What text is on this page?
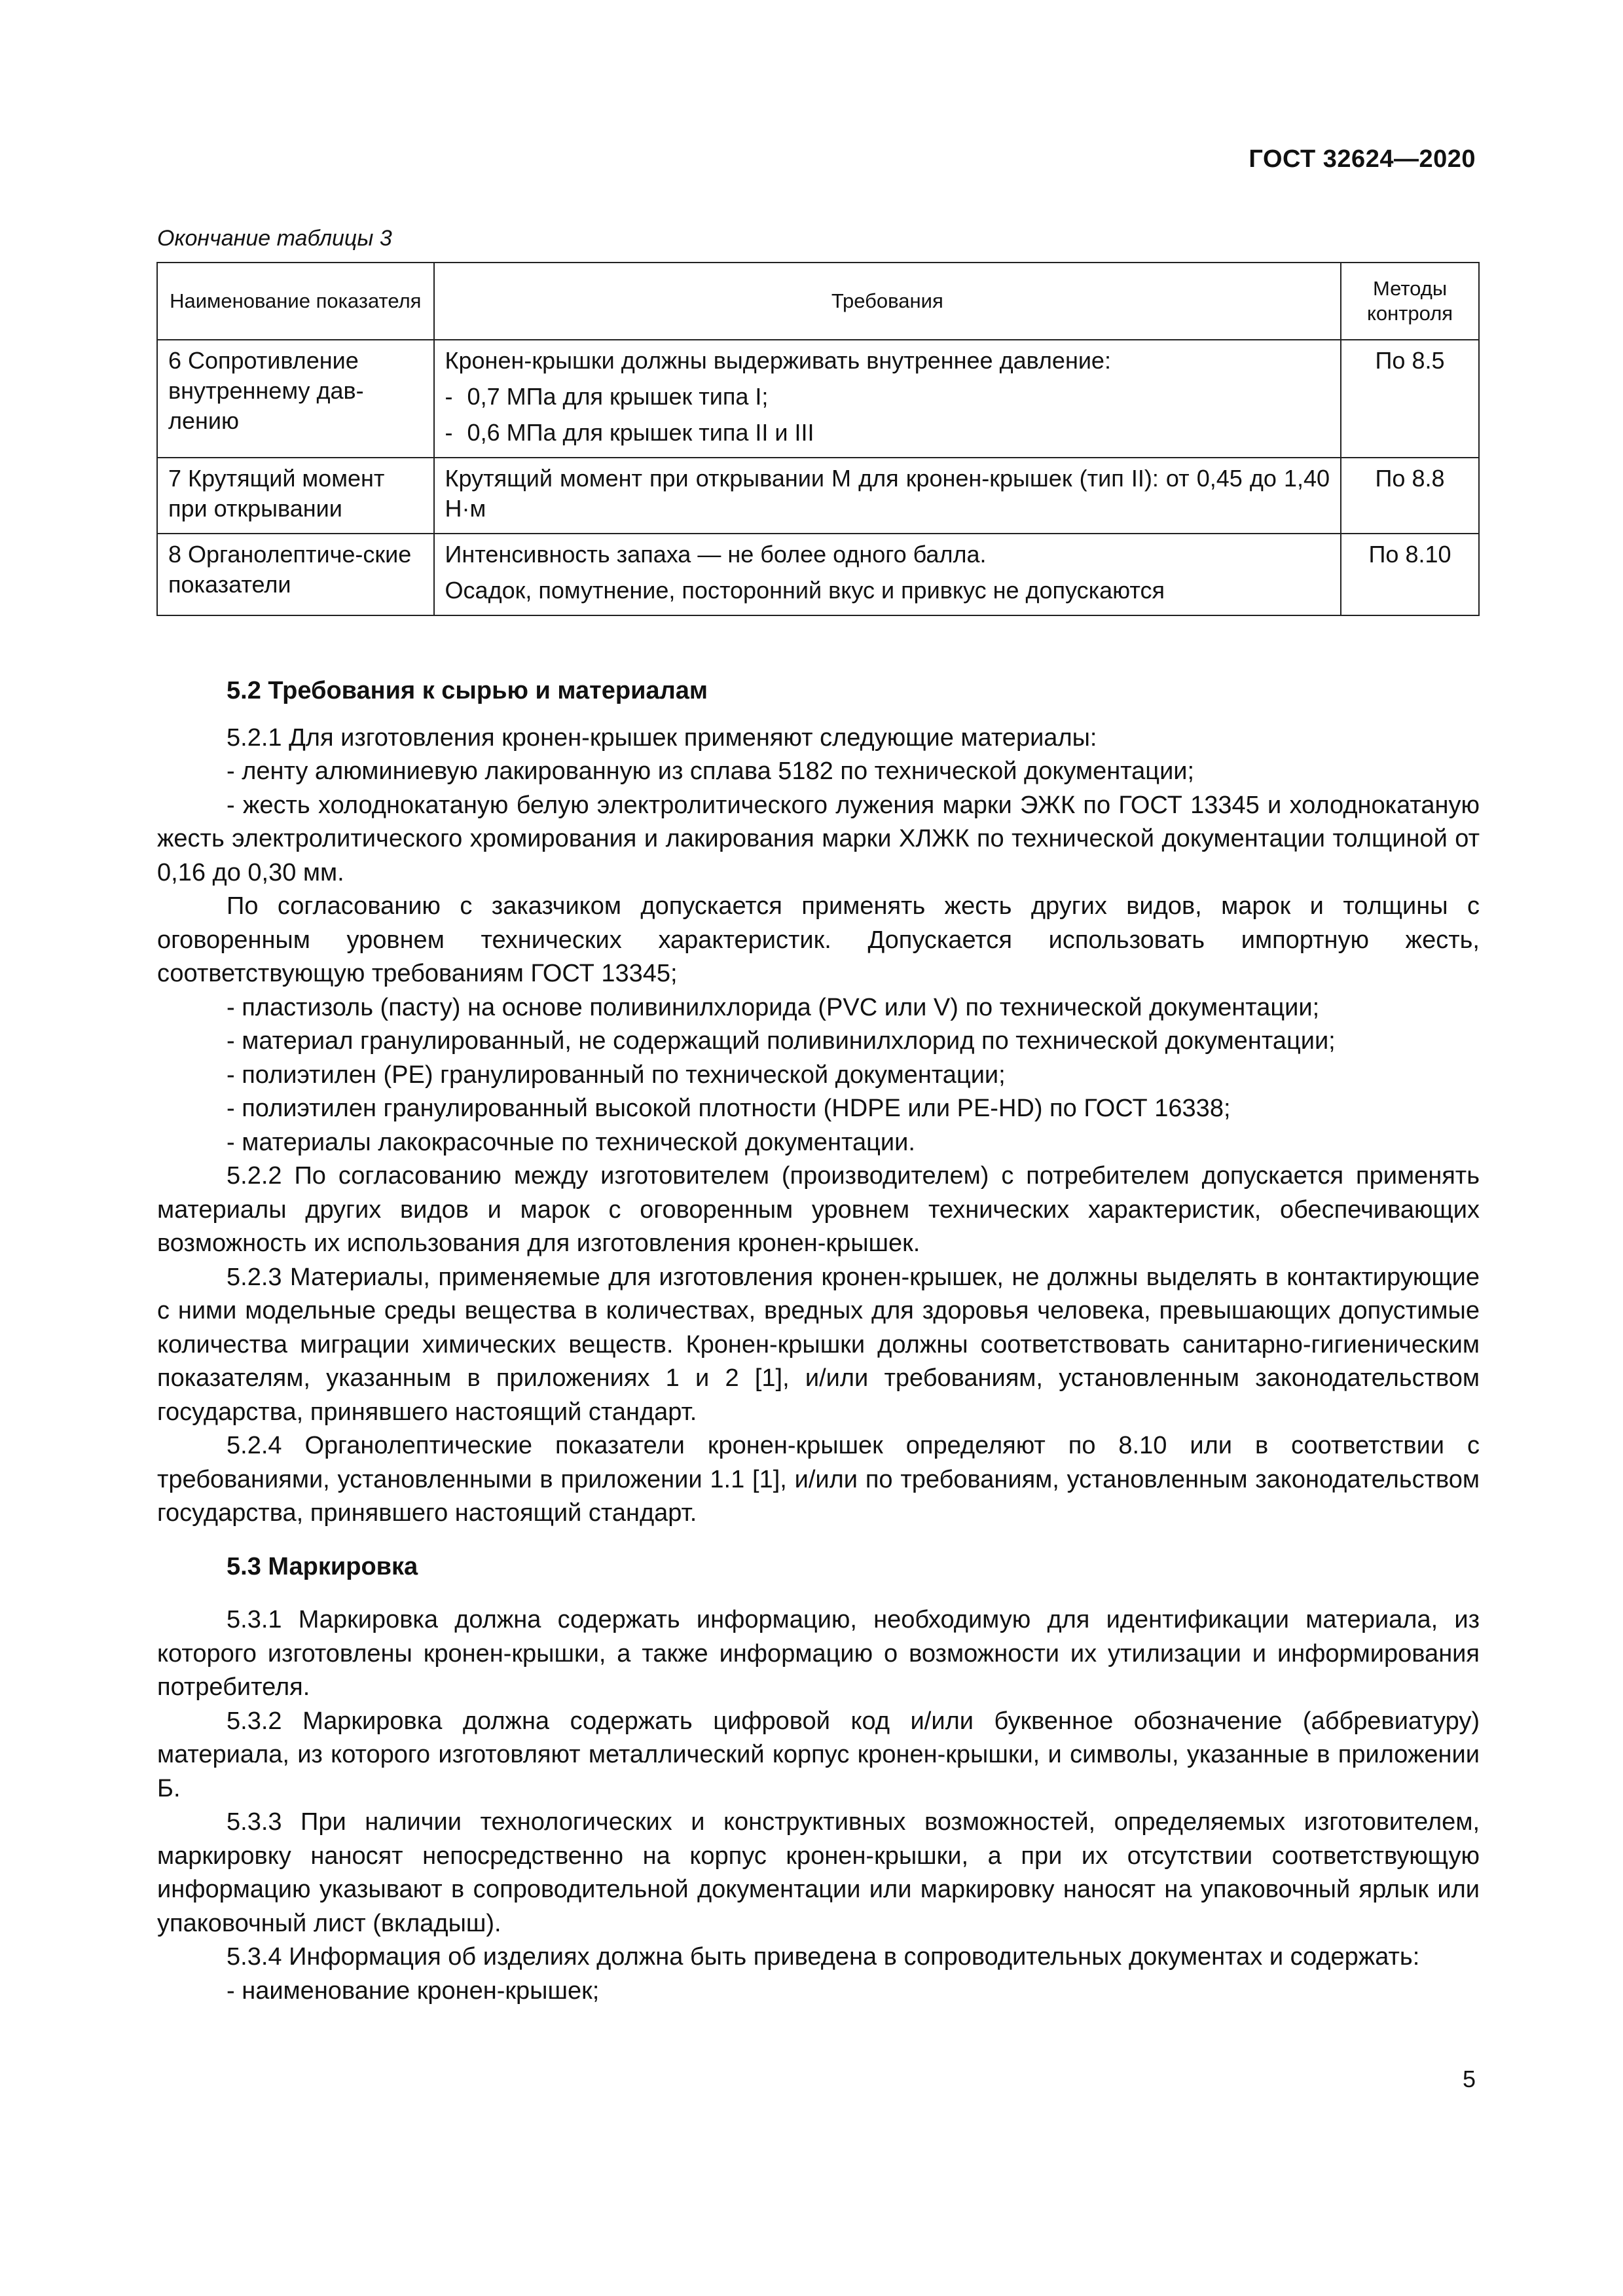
ГОСТ 32624—2020
Окончание таблицы 3
Наименование показателя	Требования	Методы контроля
6 Сопротивление внутреннему дав-лению	Кронен-крышки должны выдерживать внутреннее давление:
- 0,7 МПа для крышек типа I;
- 0,6 МПа для крышек типа II и III	По 8.5
7 Крутящий момент при открывании	Крутящий момент при открывании М для кронен-крышек (тип II): от 0,45 до 1,40 Н·м	По 8.8
8 Органолептиче-ские показатели	Интенсивность запаха — не более одного балла.
Осадок, помутнение, посторонний вкус и привкус не допускаются	По 8.10
5.2 Требования к сырью и материалам

5.2.1 Для изготовления кронен-крышек применяют следующие материалы:

- ленту алюминиевую лакированную из сплава 5182 по технической документации;

- жесть холоднокатаную белую электролитического лужения марки ЭЖК по ГОСТ 13345 и холоднокатаную жесть электролитического хромирования и лакирования марки ХЛЖК по технической документации толщиной от 0,16 до 0,30 мм.

По согласованию с заказчиком допускается применять жесть других видов, марок и толщины с оговоренным уровнем технических характеристик. Допускается использовать импортную жесть, соответствующую требованиям ГОСТ 13345;

- пластизоль (пасту) на основе поливинилхлорида (PVC или V) по технической документации;

- материал гранулированный, не содержащий поливинилхлорид по технической документации;

- полиэтилен (PE) гранулированный по технической документации;

- полиэтилен гранулированный высокой плотности (HDPE или PE-HD) по ГОСТ 16338;

- материалы лакокрасочные по технической документации.

5.2.2 По согласованию между изготовителем (производителем) с потребителем допускается применять материалы других видов и марок с оговоренным уровнем технических характеристик, обеспечивающих возможность их использования для изготовления кронен-крышек.

5.2.3 Материалы, применяемые для изготовления кронен-крышек, не должны выделять в контактирующие с ними модельные среды вещества в количествах, вредных для здоровья человека, превышающих допустимые количества миграции химических веществ. Кронен-крышки должны соответствовать санитарно-гигиеническим показателям, указанным в приложениях 1 и 2 [1], и/или требованиям, установленным законодательством государства, принявшего настоящий стандарт.

5.2.4 Органолептические показатели кронен-крышек определяют по 8.10 или в соответствии с требованиями, установленными в приложении 1.1 [1], и/или по требованиям, установленным законодательством государства, принявшего настоящий стандарт.

5.3 Маркировка

5.3.1 Маркировка должна содержать информацию, необходимую для идентификации материала, из которого изготовлены кронен-крышки, а также информацию о возможности их утилизации и информирования потребителя.

5.3.2 Маркировка должна содержать цифровой код и/или буквенное обозначение (аббревиатуру) материала, из которого изготовляют металлический корпус кронен-крышки, и символы, указанные в приложении Б.

5.3.3 При наличии технологических и конструктивных возможностей, определяемых изготовителем, маркировку наносят непосредственно на корпус кронен-крышки, а при их отсутствии соответствующую информацию указывают в сопроводительной документации или маркировку наносят на упаковочный ярлык или упаковочный лист (вкладыш).

5.3.4 Информация об изделиях должна быть приведена в сопроводительных документах и содержать:

- наименование кронен-крышек;

5
